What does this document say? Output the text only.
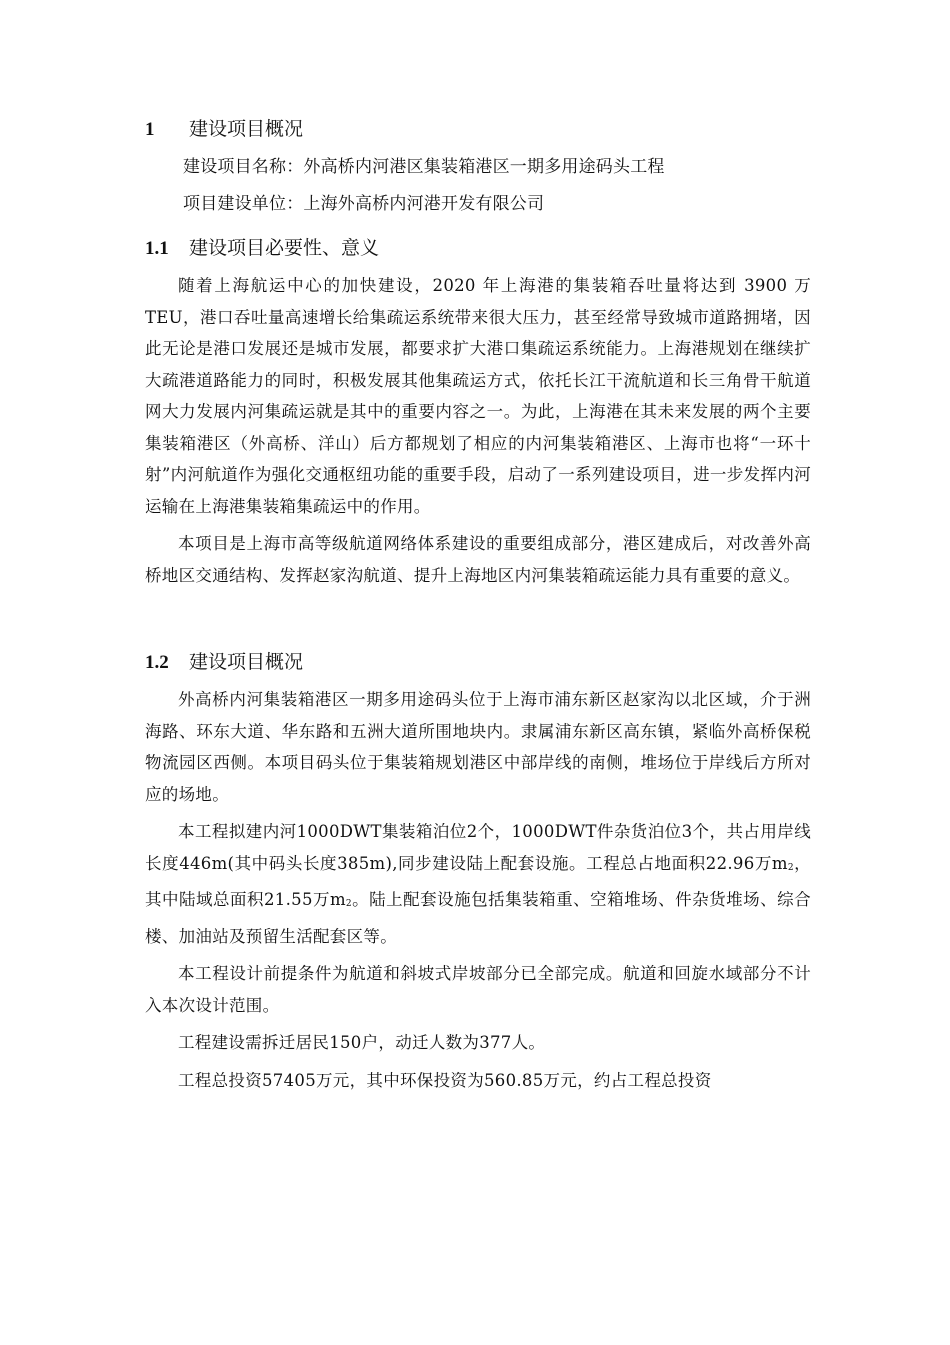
1	建设项目概况
建设项目名称：外高桥内河港区集装箱港区一期多用途码头工程
项目建设单位：上海外高桥内河港开发有限公司
1.1	建设项目必要性、意义

随着上海航运中心的加快建设，2020 年上海港的集装箱吞吐量将达到 3900 万 TEU，港口吞吐量高速增长给集疏运系统带来很大压力，甚至经常导致城市道路拥堵，因此无论是港口发展还是城市发展，都要求扩大港口集疏运系统能力。上海港规划在继续扩大疏港道路能力的同时，积极发展其他集疏运方式，依托长江干流航道和长三角骨干航道网大力发展内河集疏运就是其中的重要内容之一。为此，上海港在其未来发展的两个主要集装箱港区（外高桥、洋山）后方都规划了相应的内河集装箱港区、上海市也将“一环十射”内河航道作为强化交通枢纽功能的重要手段，启动了一系列建设项目，进一步发挥内河运输在上海港集装箱集疏运中的作用。

本项目是上海市高等级航道网络体系建设的重要组成部分，港区建成后，对改善外高桥地区交通结构、发挥赵家沟航道、提升上海地区内河集装箱疏运能力具有重要的意义。

1.2	建设项目概况

外高桥内河集装箱港区一期多用途码头位于上海市浦东新区赵家沟以北区域，介于洲海路、环东大道、华东路和五洲大道所围地块内。隶属浦东新区高东镇，紧临外高桥保税物流园区西侧。本项目码头位于集装箱规划港区中部岸线的南侧，堆场位于岸线后方所对应的场地。

本工程拟建内河1000DWT集装箱泊位2个，1000DWT件杂货泊位3个，共占用岸线长度446m(其中码头长度385m),同步建设陆上配套设施。工程总占地面积22.96万$m_2$，其中陆域总面积21.55万$m_2$。陆上配套设施包括集装箱重、空箱堆场、件杂货堆场、综合楼、加油站及预留生活配套区等。

本工程设计前提条件为航道和斜坡式岸坡部分已全部完成。航道和回旋水域部分不计入本次设计范围。

工程建设需拆迁居民150户，动迁人数为377人。

工程总投资57405万元，其中环保投资为560.85万元，约占工程总投资
